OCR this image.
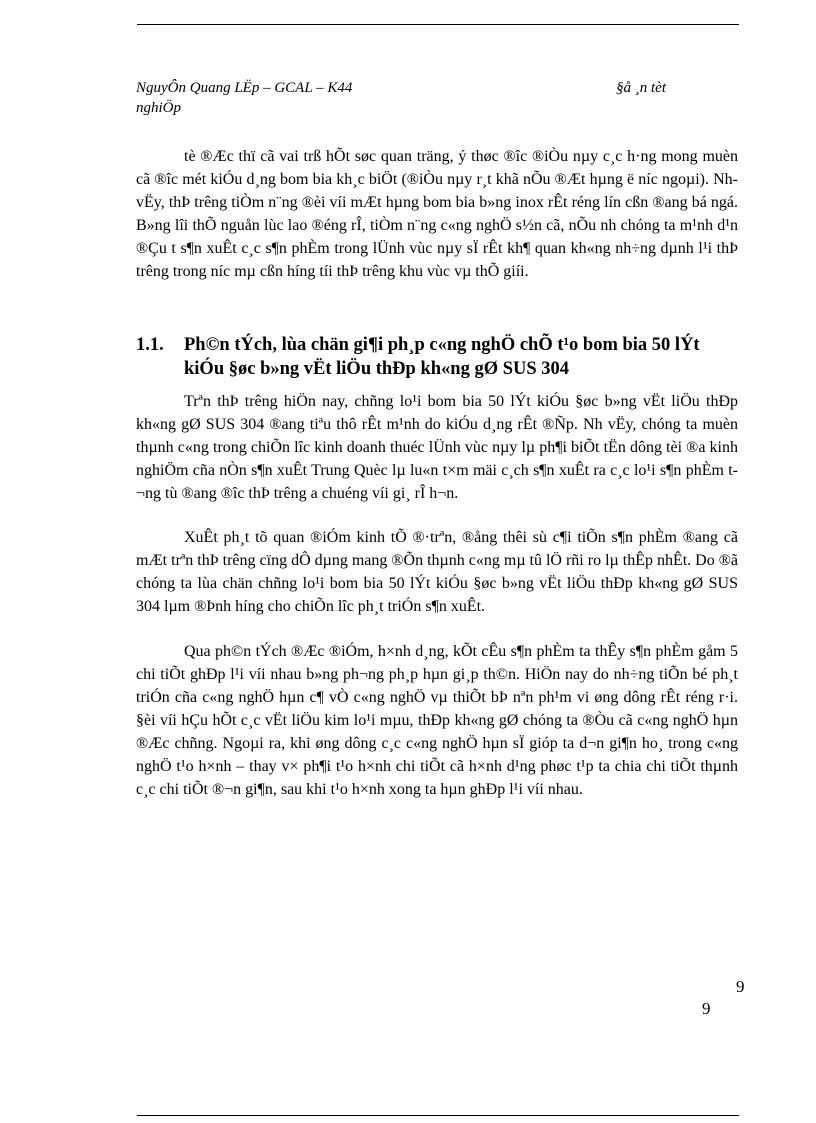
NguyÔn Quang LËp – GCAL – K44	§å ¸n tèt
nghiÖp

tè ®Æc thï cã vai trß hÕt søc quan träng, ý thøc ®îc ®iÒu nµy c¸c h·ng mong muèn cã ®îc mét kiÓu d¸ng bom bia kh¸c biÖt (®iÒu nµy r¸t khã nÕu ®Æt hµng ë níc ngoµi). Nh vËy, thÞ trêng tiÒm n¨ng ®èi víi mÆt hµng bom bia b»ng inox rÊt réng lín cßn ®ang bá ngá. B»ng lîi thÕ nguån lùc lao ®éng rÎ, tiÒm n¨ng c«ng nghÖ s½n cã, nÕu nh chóng ta m¹nh d¹n ®Çu t s¶n xuÊt c¸c s¶n phÈm trong lÜnh vùc nµy sÏ rÊt kh¶ quan kh«ng nh÷ng dµnh l¹i thÞ trêng trong níc mµ cßn híng tíi thÞ trêng khu vùc vµ thÕ giíi.

1.1. Ph©n tÝch, lùa chän gi¶i ph¸p c«ng nghÖ chÕ t¹o bom bia 50 lÝt kiÓu §øc b»ng vËt liÖu thÐp kh«ng gØ SUS 304

Trªn thÞ trêng hiÖn nay, chñng lo¹i bom bia 50 lÝt kiÓu §øc b»ng vËt liÖu thÐp kh«ng gØ SUS 304 ®ang tiªu thô rÊt m¹nh do kiÓu d¸ng rÊt ®Ñp. Nh vËy, chóng ta muèn thµnh c«ng trong chiÕn lîc kinh doanh thuéc lÜnh vùc nµy lµ ph¶i biÕt tËn dông tèi ®a kinh nghiÖm cña nÒn s¶n xuÊt Trung Quèc lµ lu«n t×m mäi c¸ch s¶n xuÊt ra c¸c lo¹i s¶n phÈm t¬ng tù ®ang ®îc thÞ trêng a chuéng víi gi¸ rÎ h¬n.

XuÊt ph¸t tõ quan ®iÓm kinh tÕ ®·trªn, ®ång thêi sù c¶i tiÕn s¶n phÈm ®ang cã mÆt trªn thÞ trêng cïng dÔ dµng mang ®Õn thµnh c«ng mµ tû lÖ rñi ro lµ thÊp nhÊt. Do ®ã chóng ta lùa chän chñng lo¹i bom bia 50 lÝt kiÓu §øc b»ng vËt liÖu thÐp kh«ng gØ SUS 304 lµm ®Þnh híng cho chiÕn lîc ph¸t triÓn s¶n xuÊt.

Qua ph©n tÝch ®Æc ®iÓm, h×nh d¸ng, kÕt cÊu s¶n phÈm ta thÊy s¶n phÈm gåm 5 chi tiÕt ghÐp l¹i víi nhau b»ng ph¬ng ph¸p hµn gi¸p th©n. HiÖn nay do nh÷ng tiÕn bé ph¸t triÓn cña c«ng nghÖ hµn c¶ vÒ c«ng nghÖ vµ thiÕt bÞ nªn ph¹m vi øng dông rÊt réng r·i. §èi víi hÇu hÕt c¸c vËt liÖu kim lo¹i mµu, thÐp kh«ng gØ chóng ta ®Òu cã c«ng nghÖ hµn ®Æc chñng. Ngoµi ra, khi øng dông c¸c c«ng nghÖ hµn sÏ gióp ta d¬n gi¶n ho¸ trong c«ng nghÖ t¹o h×nh – thay v× ph¶i t¹o h×nh chi tiÕt cã h×nh d¹ng phøc t¹p ta chia chi tiÕt thµnh c¸c chi tiÕt ®¬n gi¶n, sau khi t¹o h×nh xong ta hµn ghÐp l¹i víi nhau.

9
9
